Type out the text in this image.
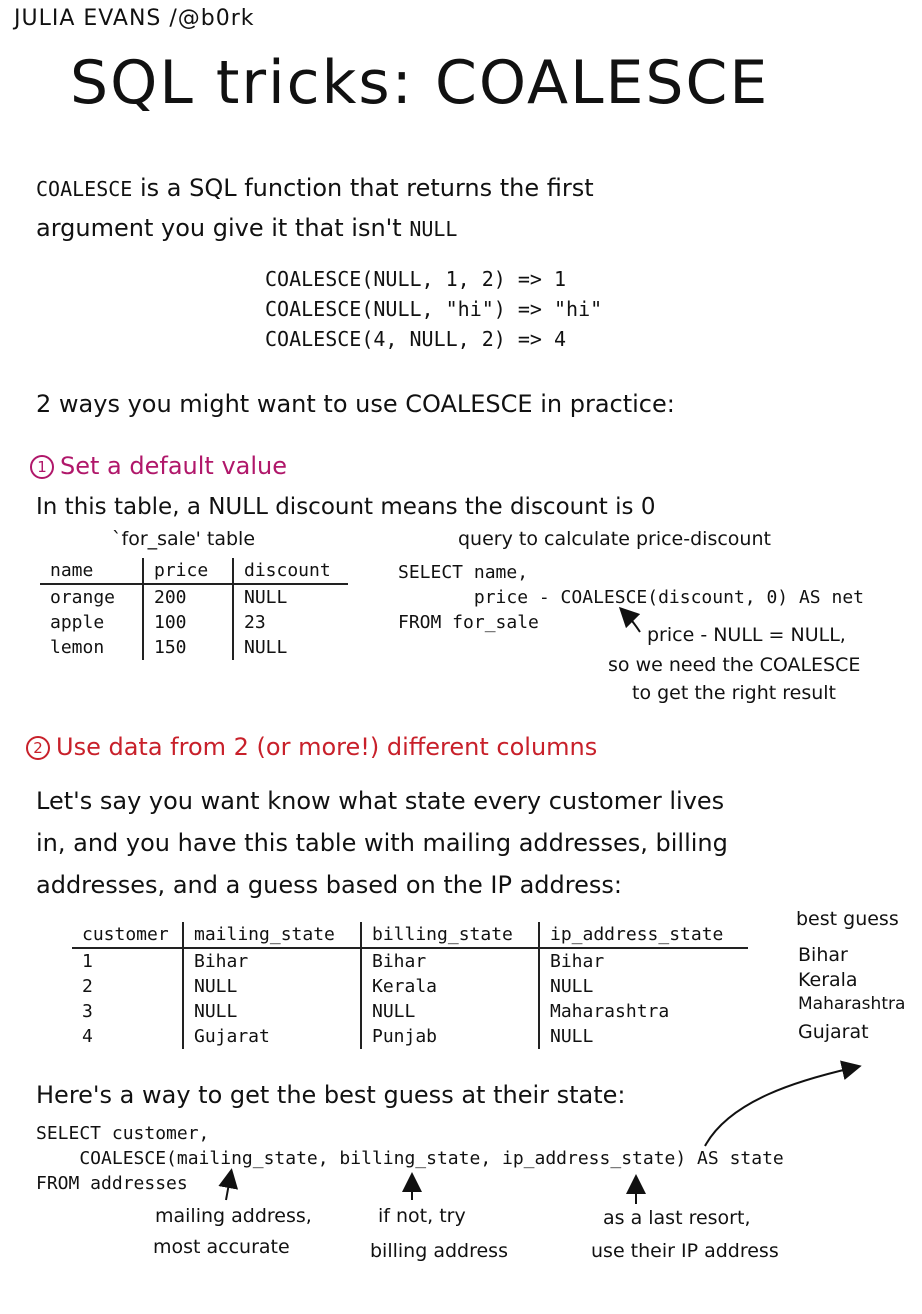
JULIA EVANS /@b0rk
SQL tricks: COALESCE
COALESCE is a SQL function that returns the first
argument you give it that isn't NULL
COALESCE(NULL, 1, 2) => 1
COALESCE(NULL, "hi") => "hi"
COALESCE(4, NULL, 2) => 4
2 ways you might want to use COALESCE in practice:
1 Set a default value
In this table, a NULL discount means the discount is 0
`for_sale' table
name	price	discount
orange	200	NULL
apple	100	23
lemon	150	NULL
query to calculate price-discount
SELECT name,
price - COALESCE(discount, 0) AS net
FROM for_sale
price - NULL = NULL,
so we need the COALESCE
to get the right result
2 Use data from 2 (or more!) different columns
Let's say you want know what state every customer lives
in, and you have this table with mailing addresses, billing
addresses, and a guess based on the IP address:
customer	mailing_state	billing_state	ip_address_state
1	Bihar	Bihar	Bihar
2	NULL	Kerala	NULL
3	NULL	NULL	Maharashtra
4	Gujarat	Punjab	NULL
best guess
Bihar
Kerala
Maharashtra
Gujarat
Here's a way to get the best guess at their state:
SELECT customer,
COALESCE(mailing_state, billing_state, ip_address_state) AS state
FROM addresses
mailing address,
most accurate
if not, try
billing address
as a last resort,
use their IP address
